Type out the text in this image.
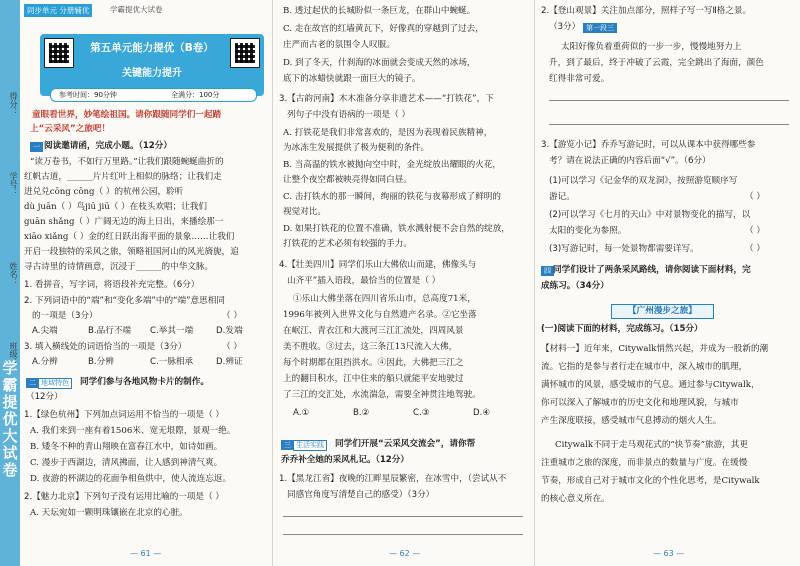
学霸提优大试卷
得分：
学号：
姓名：
班级：
同步单元 分册辅优	学霸提优大试卷
第五单元能力提优（B卷）
关键能力提升
参考时间：90分钟	全满分：100分
童眼看世界，妙笔绘祖国。请你跟随同学们一起踏
上“云采风”之旅吧！
一 阅读邀请函，完成小题。（12分）
“读万卷书，不如行万里路。”让我们跟随蜿蜒曲折的
红帆古道，______片片红叶上相似的脉络；让我们走
进兑兑cōng cōng（ ）的杭州公园，聆听
dù juān（ ）鸟jiū jiū（ ）在枝头欢唱；让我们
guān shǎng（ ）广阔无边的海上日出，来播绘那一
xiāo xiǎng（ ）金的红日跃出海平面的景象……让我们
开启一段独特的采风之旅，领略祖国河山的风光旖旎，追
寻古诗里的诗情画意，沉浸于______的中华文脉。
1. 看拼音，写字词，将语段补充完整。（6分）
2. 下列词语中的“端”和“变化多端”中的“端”意思相同
的一项是（3分）	（ ）
A.尖端	B.品行不端 C.举其一端	D.发端
3. 填入横线处的词语恰当的一项是（3分）	（ ）
A.分辨	B.分辨	C.一脉相承	D.辨证
二 地域特色	同学们参与各地风物卡片的制作。
（12分）
1.【绿色杭州】下列加点词运用不恰当的一项是（ ）
A. 我们来到一座有着1506米、宽无垠際，景观一绝。
B. 矮冬不种的青山翔映在富春江水中，如诗如画。
C. 漫步于西湖边，清风拂面，让人感到神清气爽。
D. 夜游的杯湖边的花面争相鱼烘中，使人流连忘返。
2.【魅力北京】下列句子没有运用比喻的一项是（ ）
A. 天坛宛如一颗明珠镶嵌在北京的心脏。
— 61 —
B. 透过起伏的长城盼似一条巨龙，在群山中蜿蜒。
C. 走在故宫的红墙黄瓦下，好像真的穿越到了过去，
庄严而古老的氛围令人叹服。
D. 到了冬天，什刹海的冰面就会变成天然的冰场，
底下的冰蜡快就跟一面巨大的镜子。
3.【古韵河南】木木准备分享非遗艺术——“打铁花”，下
列句子中没有语病的一项是（ ）
A. 打铁花是我们非常喜欢的，是因为表现着民族精神，
为冰冻生发展提供了极为便利的条件。
B. 当高温的铁水被抛向空中时，金光绽放出耀眼的火花，
让整个夜空都被映亮得如同白昼。
C. 击打铁水的那一瞬间，绚丽的铁花与夜幕形成了鲜明的
视觉对比。
D. 如果打铁花的位置不准确，铁水溅射便不会自然的绽放，
打铁花的艺术必须有较强的手力。
4.【壮美四川】同学们乐山大佛依山而建，佛像头与
山齐平”插入语段，最恰当的位置是（ ）
①乐山大佛坐落在四川省乐山市，总高度71米，
1996年被列入世界文化与自然遗产名录。②它坐落
在岷江、青衣江和大渡河三江汇流处，四周风景
美不胜收。③过去，这三条江13尺流入大佛，
每个时期都在阻挡洪水。④因此，大佛把三江之
上的翻目积水，江中住来的船只就能平安地驶过
了三江的交汇处，水流湍急，需要全神贯注地驾驶。
A.①	B.②	C.③	D.④
三 生活实践	同学们开展“云采风交流会”，请你帮
乔乔补全她的采风札记。（12分）
1.【黑龙江省】夜晚的江畔星辰繁密，在冰雪中，（尝试从不
同感官角度写清楚自己的感受）（3分）
— 62 —
2.【登山观景】关注加点部分，照样子写一写Ⅱ格之景。
（3分） 第一段三
太阳好像负着重荷似的一步一步，慢慢地努力上
升，到了最后，终于冲破了云霞，完全跳出了海面，颜色
红得非常可爱。
3.【游览小记】乔乔写游记时，可以从课本中获得哪些参
考？请在说法正确的内容后面“√”。（6分）
(1)可以学习《记金华的双龙洞》，按照游览顺序写
游记。	（ ）
(2)可以学习《七月的天山》中对景物变化的描写，以
太阳的变化为参照。	（ ）
(3)写游记时，每一处景物都需要详写。	（ ）
四 同学们设计了两条采风路线，请你阅读下面材料，完
成练习。（34分）
【广州漫步之旅】
(一)阅读下面的材料，完成练习。（15分）
【材料一】近年来，Citywalk悄然兴起，并成为一股新的潮
流。它指的是参与者行走在城市中，深入城市的肌理，
满怀城市的风景，感受城市的气息。通过参与Citywalk，
你可以深入了解城市的历史文化和地理风貌，与城市
产生深度联接，感受城市气息搏动的烟火人生。
Citywalk不同于走马观花式的“快节奏”旅游，其更
注重城市之旅的深度，而非景点的数量与广度。在缓慢
节奏，形成自己对于城市文化的个性化思考，是Citywalk
的核心意义所在。
— 63 —
